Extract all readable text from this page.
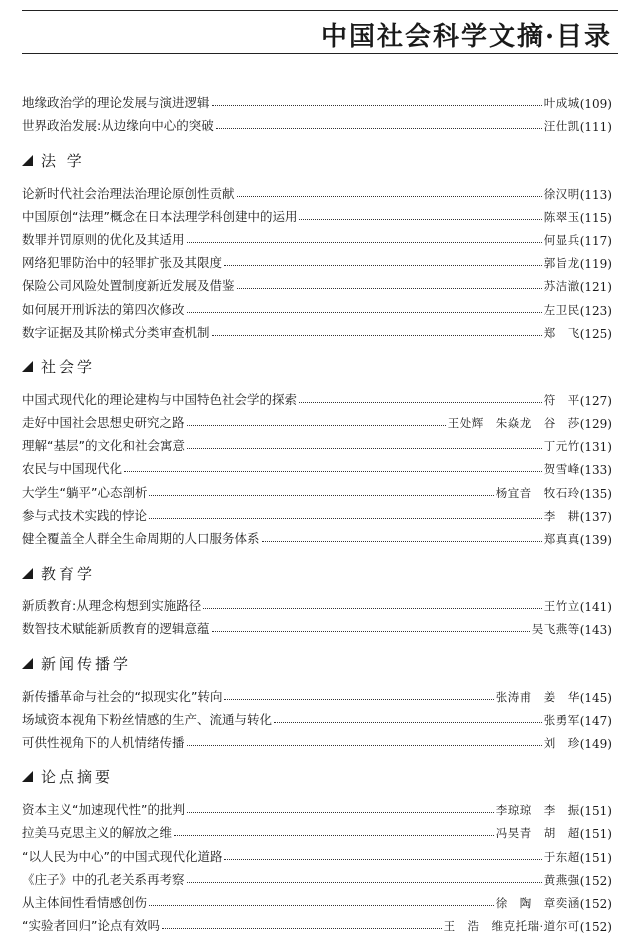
中国社会科学文摘·目录
地缘政治学的理论发展与演进逻辑	叶成城 (109)
世界政治发展:从边缘向中心的突破	汪仕凯 (111)
法 学
论新时代社会治理法治理论原创性贡献	徐汉明 (113)
中国原创“法理”概念在日本法理学科创建中的运用	陈翠玉 (115)
数罪并罚原则的优化及其适用	何显兵 (117)
网络犯罪防治中的轻罪扩张及其限度	郭旨龙 (119)
保险公司风险处置制度新近发展及借鉴	苏洁澈 (121)
如何展开刑诉法的第四次修改	左卫民 (123)
数字证据及其阶梯式分类审查机制	郑　飞 (125)
社会学
中国式现代化的理论建构与中国特色社会学的探索	符　平 (127)
走好中国社会思想史研究之路	王处辉　朱焱龙　谷　莎 (129)
理解“基层”的文化和社会寓意	丁元竹 (131)
农民与中国现代化	贺雪峰 (133)
大学生“躺平”心态剖析	杨宜音　牧石玲 (135)
参与式技术实践的悖论	李　耕 (137)
健全覆盖全人群全生命周期的人口服务体系	郑真真 (139)
教育学
新质教育:从理念构想到实施路径	王竹立 (141)
数智技术赋能新质教育的逻辑意蕴	吴飞燕等 (143)
新闻传播学
新传播革命与社会的“拟现实化”转向	张涛甫　姜　华 (145)
场域资本视角下粉丝情感的生产、流通与转化	张勇军 (147)
可供性视角下的人机情绪传播	刘　珍 (149)
论点摘要
资本主义“加速现代性”的批判	李琼琼　李　振 (151)
拉美马克思主义的解放之维	冯昊青　胡　超 (151)
“以人民为中心”的中国式现代化道路	于东超 (151)
《庄子》中的孔老关系再考察	黄燕强 (152)
从主体间性看情感创伤	徐　陶　章奕涵 (152)
“实验者回归”论点有效吗	王　浩　维克托瑞·道尔可 (152)
